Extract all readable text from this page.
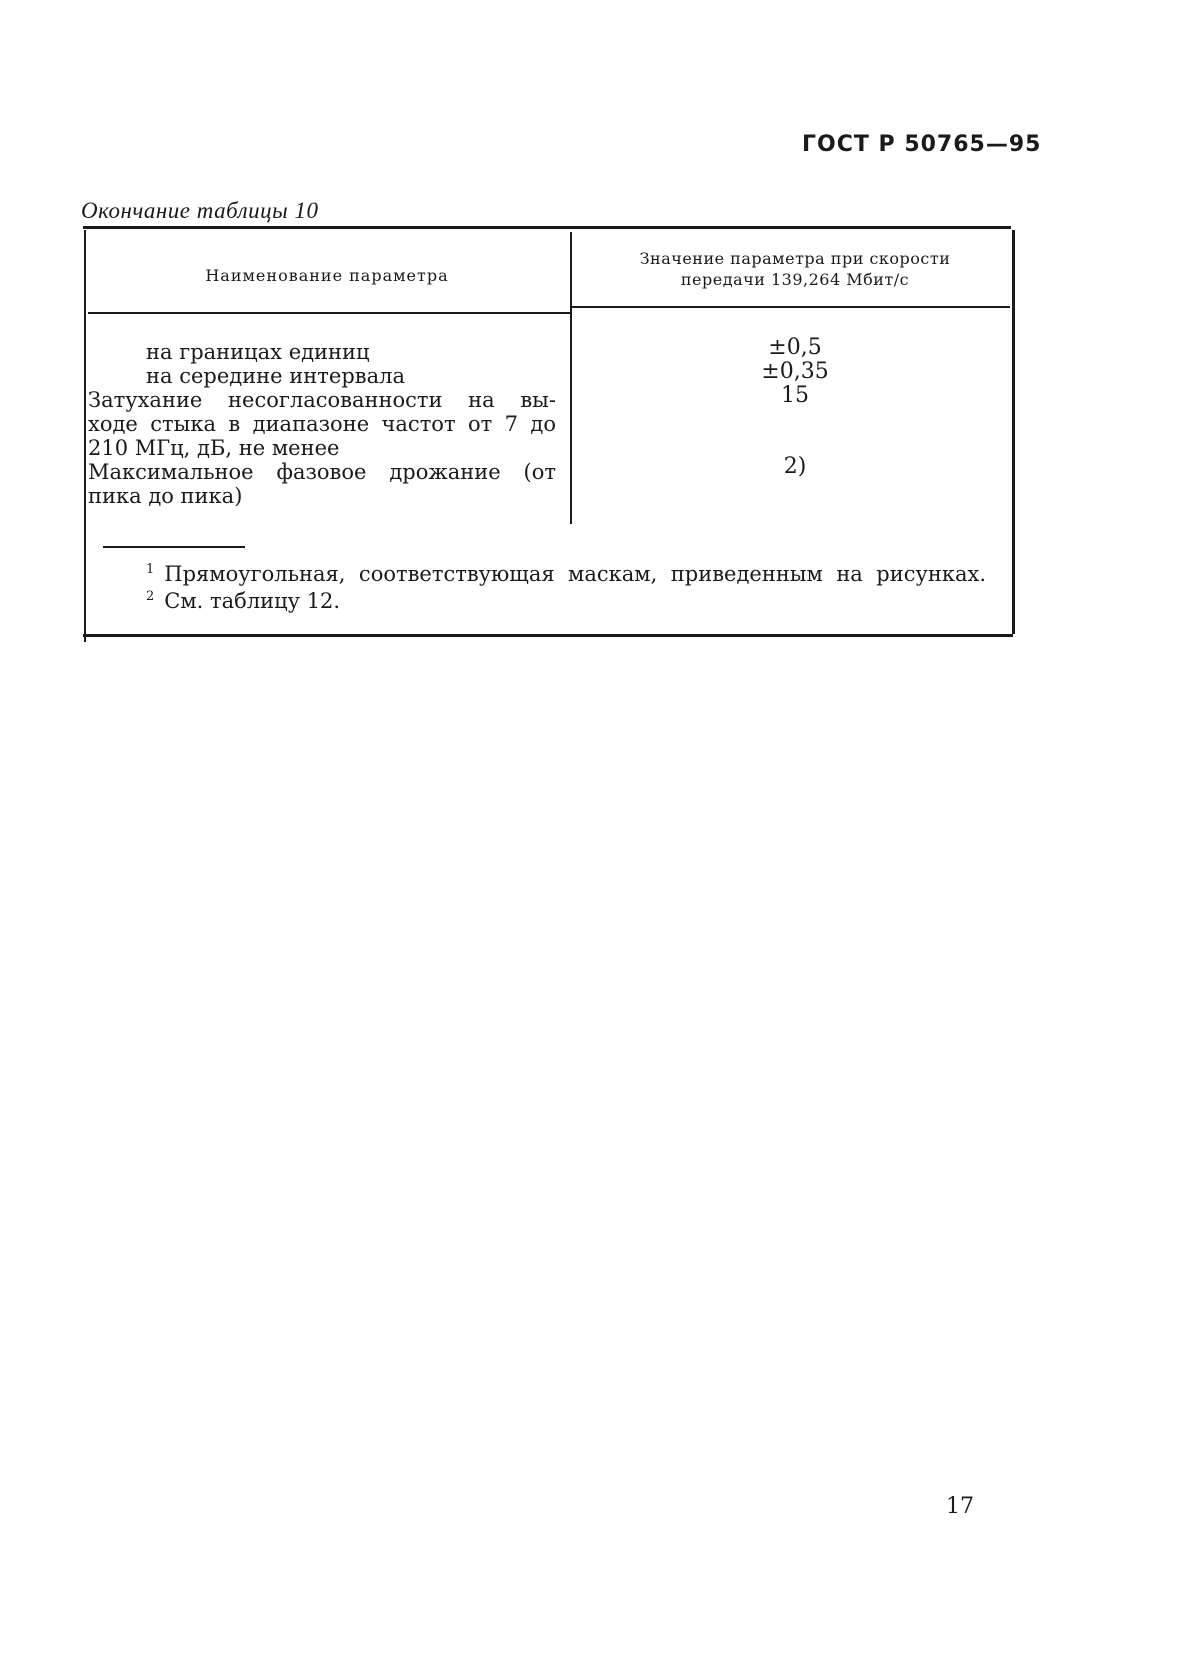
ГОСТ Р 50765—95
Окончание таблицы 10
Наименование параметра
Значение параметра при скорости
передачи 139,264 Мбит/с
на границах единиц
на середине интервала
Затухание несогласованности на вы-
ходе стыка в диапазоне частот от 7 до
210 МГц, дБ, не менее
Максимальное фазовое дрожание (от
пика до пика)
±0,5
±0,35
15
2)
$^1$ Прямоугольная, соответствующая маскам, приведенным на рисунках.
$^2$ См. таблицу 12.
17
